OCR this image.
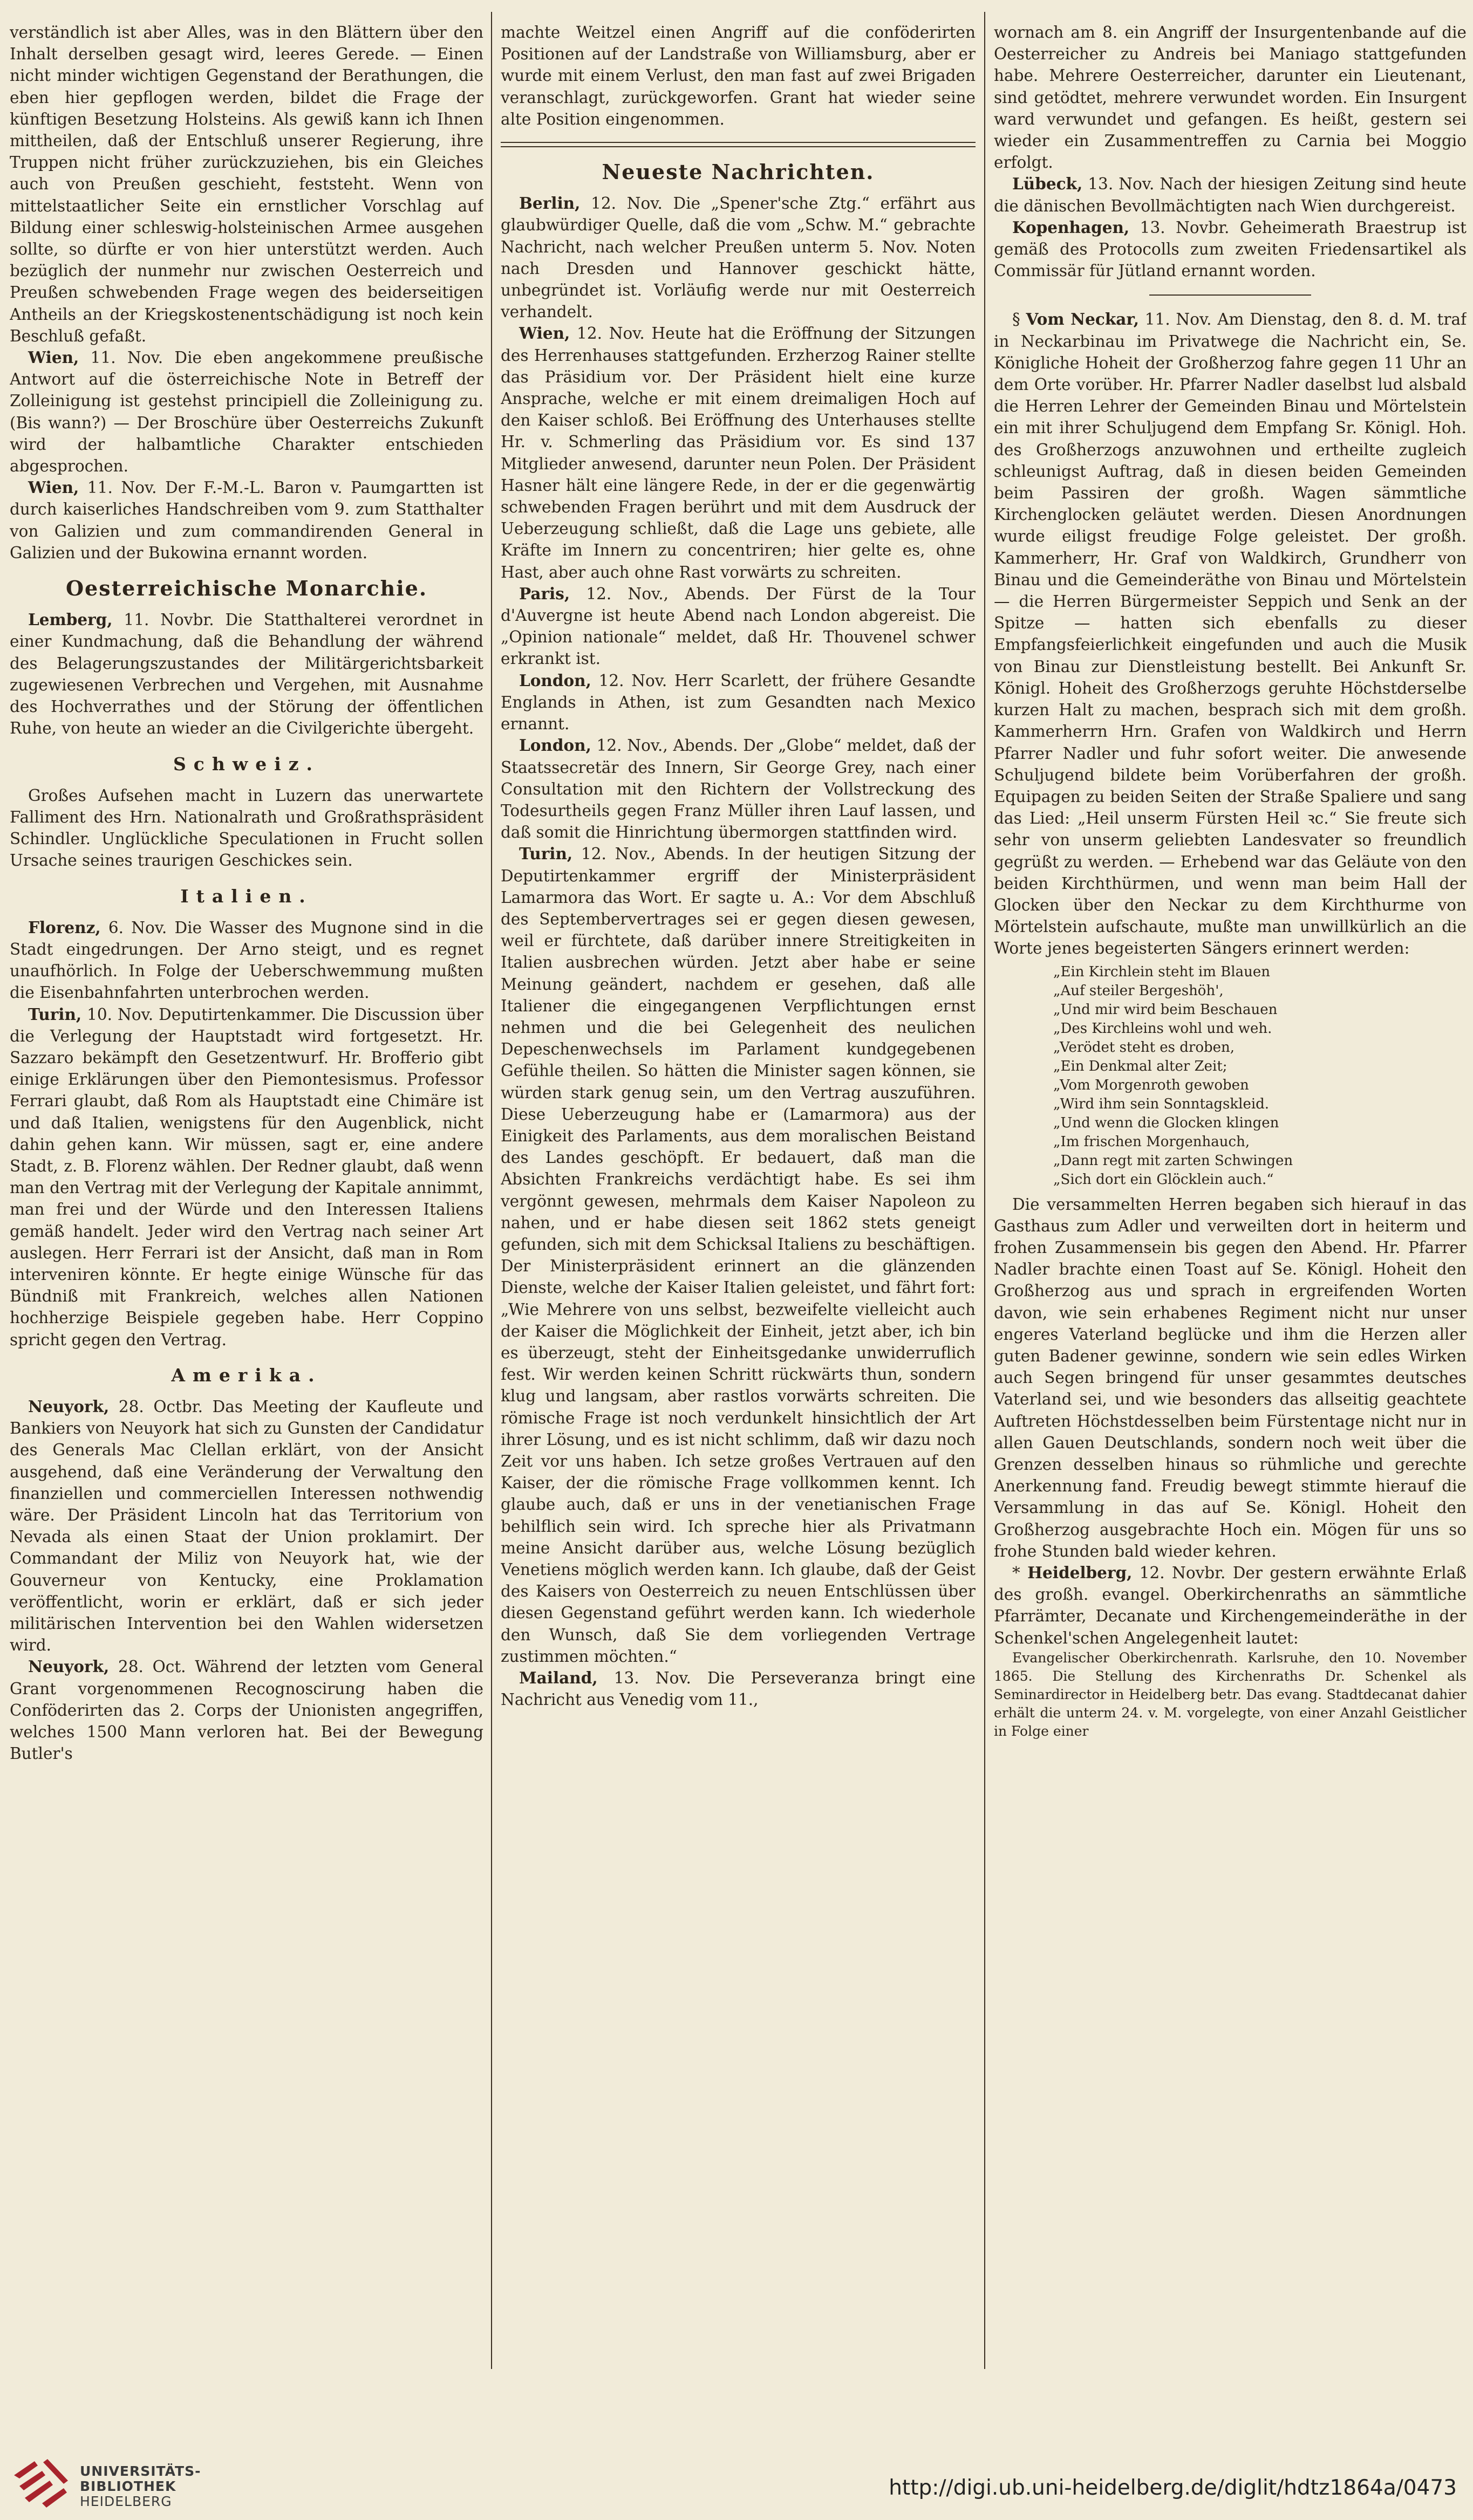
verständlich ist aber Alles, was in den Blättern über den Inhalt derselben gesagt wird, leeres Gerede. — Einen nicht minder wichtigen Gegenstand der Berathungen, die eben hier gepflogen werden, bildet die Frage der künftigen Besetzung Holsteins. Als gewiß kann ich Ihnen mittheilen, daß der Entschluß unserer Regierung, ihre Truppen nicht früher zurückzuziehen, bis ein Gleiches auch von Preußen geschieht, feststeht. Wenn von mittelstaatlicher Seite ein ernstlicher Vorschlag auf Bildung einer schleswig-holsteinischen Armee ausgehen sollte, so dürfte er von hier unterstützt werden. Auch bezüglich der nunmehr nur zwischen Oesterreich und Preußen schwebenden Frage wegen des beiderseitigen Antheils an der Kriegskostenentschädigung ist noch kein Beschluß gefaßt.

Wien, 11. Nov. Die eben angekommene preußische Antwort auf die österreichische Note in Betreff der Zolleinigung ist gestehst principiell die Zolleinigung zu. (Bis wann?) — Der Broschüre über Oesterreichs Zukunft wird der halbamtliche Charakter entschieden abgesprochen.

Wien, 11. Nov. Der F.-M.-L. Baron v. Paumgartten ist durch kaiserliches Handschreiben vom 9. zum Statthalter von Galizien und zum commandirenden General in Galizien und der Bukowina ernannt worden.

Oesterreichische Monarchie.

Lemberg, 11. Novbr. Die Statthalterei verordnet in einer Kundmachung, daß die Behandlung der während des Belagerungszustandes der Militärgerichtsbarkeit zugewiesenen Verbrechen und Vergehen, mit Ausnahme des Hochverrathes und der Störung der öffentlichen Ruhe, von heute an wieder an die Civilgerichte übergeht.

Schweiz.

Großes Aufsehen macht in Luzern das unerwartete Falliment des Hrn. Nationalrath und Großrathspräsident Schindler. Unglückliche Speculationen in Frucht sollen Ursache seines traurigen Geschickes sein.

Italien.

Florenz, 6. Nov. Die Wasser des Mugnone sind in die Stadt eingedrungen. Der Arno steigt, und es regnet unaufhörlich. In Folge der Ueberschwemmung mußten die Eisenbahnfahrten unterbrochen werden.

Turin, 10. Nov. Deputirtenkammer. Die Discussion über die Verlegung der Hauptstadt wird fortgesetzt. Hr. Sazzaro bekämpft den Gesetzentwurf. Hr. Brofferio gibt einige Erklärungen über den Piemontesismus. Professor Ferrari glaubt, daß Rom als Hauptstadt eine Chimäre ist und daß Italien, wenigstens für den Augenblick, nicht dahin gehen kann. Wir müssen, sagt er, eine andere Stadt, z. B. Florenz wählen. Der Redner glaubt, daß wenn man den Vertrag mit der Verlegung der Kapitale annimmt, man frei und der Würde und den Interessen Italiens gemäß handelt. Jeder wird den Vertrag nach seiner Art auslegen. Herr Ferrari ist der Ansicht, daß man in Rom interveniren könnte. Er hegte einige Wünsche für das Bündniß mit Frankreich, welches allen Nationen hochherzige Beispiele gegeben habe. Herr Coppino spricht gegen den Vertrag.

Amerika.

Neuyork, 28. Octbr. Das Meeting der Kaufleute und Bankiers von Neuyork hat sich zu Gunsten der Candidatur des Generals Mac Clellan erklärt, von der Ansicht ausgehend, daß eine Veränderung der Verwaltung den finanziellen und commerciellen Interessen nothwendig wäre. Der Präsident Lincoln hat das Territorium von Nevada als einen Staat der Union proklamirt. Der Commandant der Miliz von Neuyork hat, wie der Gouverneur von Kentucky, eine Proklamation veröffentlicht, worin er erklärt, daß er sich jeder militärischen Intervention bei den Wahlen widersetzen wird.

Neuyork, 28. Oct. Während der letzten vom General Grant vorgenommenen Recognoscirung haben die Conföderirten das 2. Corps der Unionisten angegriffen, welches 1500 Mann verloren hat. Bei der Bewegung Butler's

machte Weitzel einen Angriff auf die conföderirten Positionen auf der Landstraße von Williamsburg, aber er wurde mit einem Verlust, den man fast auf zwei Brigaden veranschlagt, zurückgeworfen. Grant hat wieder seine alte Position eingenommen.

Neueste Nachrichten.

Berlin, 12. Nov. Die „Spener'sche Ztg.“ erfährt aus glaubwürdiger Quelle, daß die vom „Schw. M.“ gebrachte Nachricht, nach welcher Preußen unterm 5. Nov. Noten nach Dresden und Hannover geschickt hätte, unbegründet ist. Vorläufig werde nur mit Oesterreich verhandelt.

Wien, 12. Nov. Heute hat die Eröffnung der Sitzungen des Herrenhauses stattgefunden. Erzherzog Rainer stellte das Präsidium vor. Der Präsident hielt eine kurze Ansprache, welche er mit einem dreimaligen Hoch auf den Kaiser schloß. Bei Eröffnung des Unterhauses stellte Hr. v. Schmerling das Präsidium vor. Es sind 137 Mitglieder anwesend, darunter neun Polen. Der Präsident Hasner hält eine längere Rede, in der er die gegenwärtig schwebenden Fragen berührt und mit dem Ausdruck der Ueberzeugung schließt, daß die Lage uns gebiete, alle Kräfte im Innern zu concentriren; hier gelte es, ohne Hast, aber auch ohne Rast vorwärts zu schreiten.

Paris, 12. Nov., Abends. Der Fürst de la Tour d'Auvergne ist heute Abend nach London abgereist. Die „Opinion nationale“ meldet, daß Hr. Thouvenel schwer erkrankt ist.

London, 12. Nov. Herr Scarlett, der frühere Gesandte Englands in Athen, ist zum Gesandten nach Mexico ernannt.

London, 12. Nov., Abends. Der „Globe“ meldet, daß der Staatssecretär des Innern, Sir George Grey, nach einer Consultation mit den Richtern der Vollstreckung des Todesurtheils gegen Franz Müller ihren Lauf lassen, und daß somit die Hinrichtung übermorgen stattfinden wird.

Turin, 12. Nov., Abends. In der heutigen Sitzung der Deputirtenkammer ergriff der Ministerpräsident Lamarmora das Wort. Er sagte u. A.: Vor dem Abschluß des Septembervertrages sei er gegen diesen gewesen, weil er fürchtete, daß darüber innere Streitigkeiten in Italien ausbrechen würden. Jetzt aber habe er seine Meinung geändert, nachdem er gesehen, daß alle Italiener die eingegangenen Verpflichtungen ernst nehmen und die bei Gelegenheit des neulichen Depeschenwechsels im Parlament kundgegebenen Gefühle theilen. So hätten die Minister sagen können, sie würden stark genug sein, um den Vertrag auszuführen. Diese Ueberzeugung habe er (Lamarmora) aus der Einigkeit des Parlaments, aus dem moralischen Beistand des Landes geschöpft. Er bedauert, daß man die Absichten Frankreichs verdächtigt habe. Es sei ihm vergönnt gewesen, mehrmals dem Kaiser Napoleon zu nahen, und er habe diesen seit 1862 stets geneigt gefunden, sich mit dem Schicksal Italiens zu beschäftigen. Der Ministerpräsident erinnert an die glänzenden Dienste, welche der Kaiser Italien geleistet, und fährt fort: „Wie Mehrere von uns selbst, bezweifelte vielleicht auch der Kaiser die Möglichkeit der Einheit, jetzt aber, ich bin es überzeugt, steht der Einheitsgedanke unwiderruflich fest. Wir werden keinen Schritt rückwärts thun, sondern klug und langsam, aber rastlos vorwärts schreiten. Die römische Frage ist noch verdunkelt hinsichtlich der Art ihrer Lösung, und es ist nicht schlimm, daß wir dazu noch Zeit vor uns haben. Ich setze großes Vertrauen auf den Kaiser, der die römische Frage vollkommen kennt. Ich glaube auch, daß er uns in der venetianischen Frage behilflich sein wird. Ich spreche hier als Privatmann meine Ansicht darüber aus, welche Lösung bezüglich Venetiens möglich werden kann. Ich glaube, daß der Geist des Kaisers von Oesterreich zu neuen Entschlüssen über diesen Gegenstand geführt werden kann. Ich wiederhole den Wunsch, daß Sie dem vorliegenden Vertrage zustimmen möchten.“

Mailand, 13. Nov. Die Perseveranza bringt eine Nachricht aus Venedig vom 11.,

wornach am 8. ein Angriff der Insurgentenbande auf die Oesterreicher zu Andreis bei Maniago stattgefunden habe. Mehrere Oesterreicher, darunter ein Lieutenant, sind getödtet, mehrere verwundet worden. Ein Insurgent ward verwundet und gefangen. Es heißt, gestern sei wieder ein Zusammentreffen zu Carnia bei Moggio erfolgt.

Lübeck, 13. Nov. Nach der hiesigen Zeitung sind heute die dänischen Bevollmächtigten nach Wien durchgereist.

Kopenhagen, 13. Novbr. Geheimerath Braestrup ist gemäß des Protocolls zum zweiten Friedensartikel als Commissär für Jütland ernannt worden.

§ Vom Neckar, 11. Nov. Am Dienstag, den 8. d. M. traf in Neckarbinau im Privatwege die Nachricht ein, Se. Königliche Hoheit der Großherzog fahre gegen 11 Uhr an dem Orte vorüber. Hr. Pfarrer Nadler daselbst lud alsbald die Herren Lehrer der Gemeinden Binau und Mörtelstein ein mit ihrer Schuljugend dem Empfang Sr. Königl. Hoh. des Großherzogs anzuwohnen und ertheilte zugleich schleunigst Auftrag, daß in diesen beiden Gemeinden beim Passiren der großh. Wagen sämmtliche Kirchenglocken geläutet werden. Diesen Anordnungen wurde eiligst freudige Folge geleistet. Der großh. Kammerherr, Hr. Graf von Waldkirch, Grundherr von Binau und die Gemeinderäthe von Binau und Mörtelstein — die Herren Bürgermeister Seppich und Senk an der Spitze — hatten sich ebenfalls zu dieser Empfangsfeierlichkeit eingefunden und auch die Musik von Binau zur Dienstleistung bestellt. Bei Ankunft Sr. Königl. Hoheit des Großherzogs geruhte Höchstderselbe kurzen Halt zu machen, besprach sich mit dem großh. Kammerherrn Hrn. Grafen von Waldkirch und Herrn Pfarrer Nadler und fuhr sofort weiter. Die anwesende Schuljugend bildete beim Vorüberfahren der großh. Equipagen zu beiden Seiten der Straße Spaliere und sang das Lied: „Heil unserm Fürsten Heil ꝛc.“ Sie freute sich sehr von unserm geliebten Landesvater so freundlich gegrüßt zu werden. — Erhebend war das Geläute von den beiden Kirchthürmen, und wenn man beim Hall der Glocken über den Neckar zu dem Kirchthurme von Mörtelstein aufschaute, mußte man unwillkürlich an die Worte jenes begeisterten Sängers erinnert werden:

„Ein Kirchlein steht im Blauen
„Auf steiler Bergeshöh',
„Und mir wird beim Beschauen
„Des Kirchleins wohl und weh.
„Verödet steht es droben,
„Ein Denkmal alter Zeit;
„Vom Morgenroth gewoben
„Wird ihm sein Sonntagskleid.
„Und wenn die Glocken klingen
„Im frischen Morgenhauch,
„Dann regt mit zarten Schwingen
„Sich dort ein Glöcklein auch.“

Die versammelten Herren begaben sich hierauf in das Gasthaus zum Adler und verweilten dort in heiterm und frohen Zusammensein bis gegen den Abend. Hr. Pfarrer Nadler brachte einen Toast auf Se. Königl. Hoheit den Großherzog aus und sprach in ergreifenden Worten davon, wie sein erhabenes Regiment nicht nur unser engeres Vaterland beglücke und ihm die Herzen aller guten Badener gewinne, sondern wie sein edles Wirken auch Segen bringend für unser gesammtes deutsches Vaterland sei, und wie besonders das allseitig geachtete Auftreten Höchstdesselben beim Fürstentage nicht nur in allen Gauen Deutschlands, sondern noch weit über die Grenzen desselben hinaus so rühmliche und gerechte Anerkennung fand. Freudig bewegt stimmte hierauf die Versammlung in das auf Se. Königl. Hoheit den Großherzog ausgebrachte Hoch ein. Mögen für uns so frohe Stunden bald wieder kehren.

* Heidelberg, 12. Novbr. Der gestern erwähnte Erlaß des großh. evangel. Oberkirchenraths an sämmtliche Pfarrämter, Decanate und Kirchengemeinderäthe in der Schenkel'schen Angelegenheit lautet:

Evangelischer Oberkirchenrath. Karlsruhe, den 10. November 1865. Die Stellung des Kirchenraths Dr. Schenkel als Seminardirector in Heidelberg betr. Das evang. Stadtdecanat dahier erhält die unterm 24. v. M. vorgelegte, von einer Anzahl Geistlicher in Folge einer

UNIVERSITÄTS-
BIBLIOTHEK
HEIDELBERG
http://digi.ub.uni-heidelberg.de/diglit/hdtz1864a/0473
